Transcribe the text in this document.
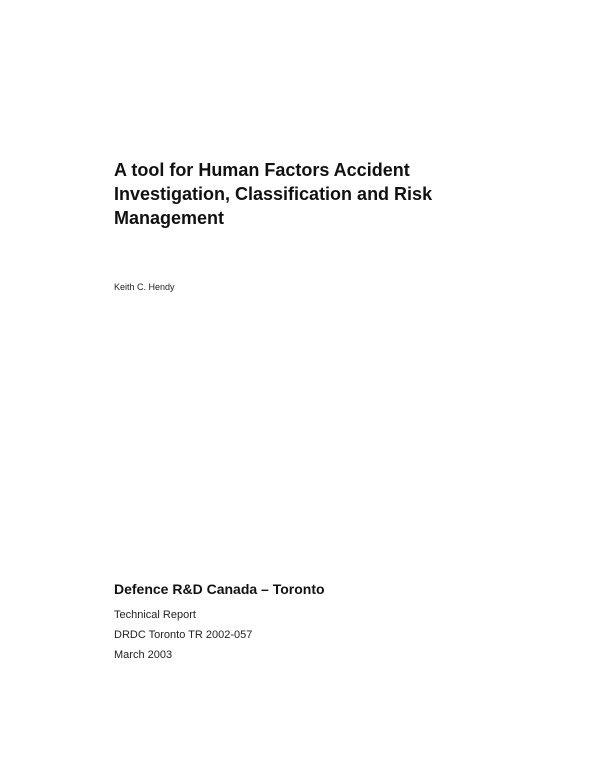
A tool for Human Factors Accident
Investigation, Classification and Risk
Management

Keith C. Hendy

Defence R&D Canada – Toronto

Technical Report

DRDC Toronto TR 2002-057

March 2003
